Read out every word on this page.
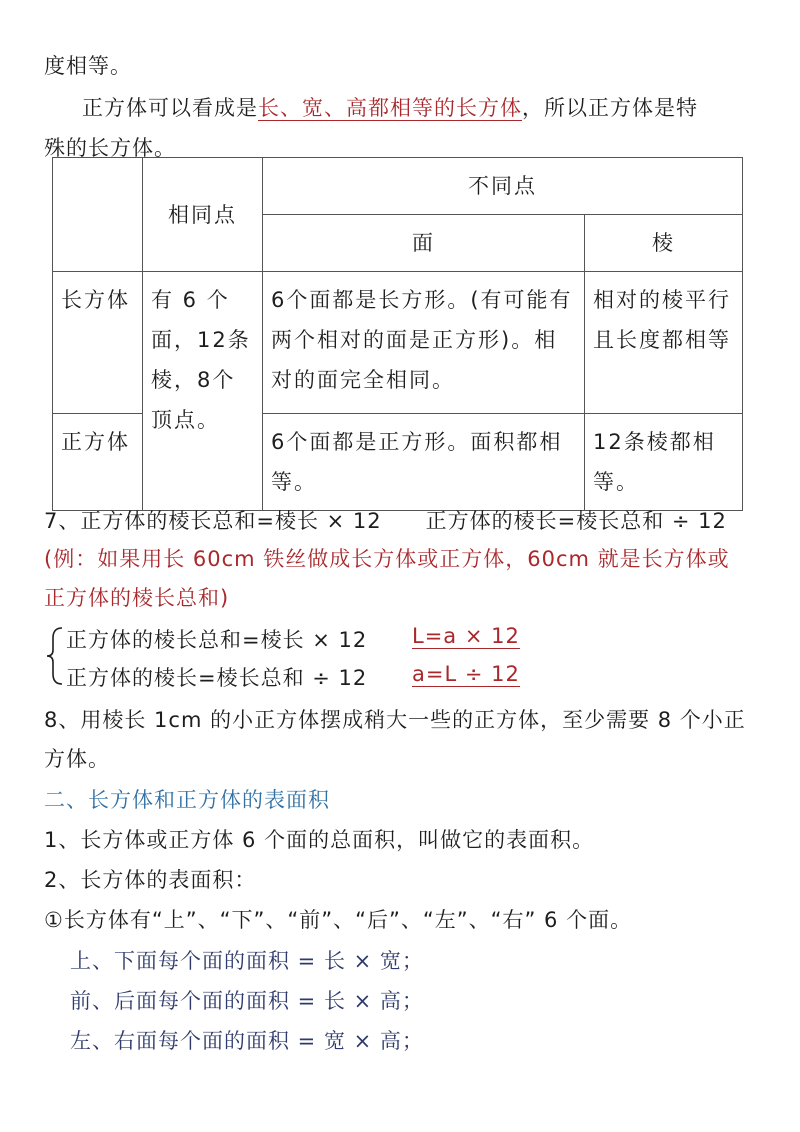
度相等。
正方体可以看成是长、宽、高都相等的长方体，所以正方体是特
殊的长方体。
	相同点	不同点	
		面	棱
长方体	有 6 个面，12条棱，8个顶点。	6个面都是长方形。(有可能有两个相对的面是正方形)。相对的面完全相同。	相对的棱平行且长度都相等
正方体		6个面都是正方形。面积都相等。	12条棱都相等。
7、正方体的棱长总和=棱长 × 12　　正方体的棱长=棱长总和 ÷ 12
(例：如果用长 60cm 铁丝做成长方体或正方体，60cm 就是长方体或
正方体的棱长总和)
正方体的棱长总和=棱长 × 12 L=a × 12
正方体的棱长=棱长总和 ÷ 12 a=L ÷ 12
8、用棱长 1cm 的小正方体摆成稍大一些的正方体，至少需要 8 个小正
方体。
二、长方体和正方体的表面积
1、长方体或正方体 6 个面的总面积，叫做它的表面积。
2、长方体的表面积：
①长方体有“上”、“下”、“前”、“后”、“左”、“右” 6 个面。
上、下面每个面的面积 = 长 × 宽；
前、后面每个面的面积 = 长 × 高；
左、右面每个面的面积 = 宽 × 高；
